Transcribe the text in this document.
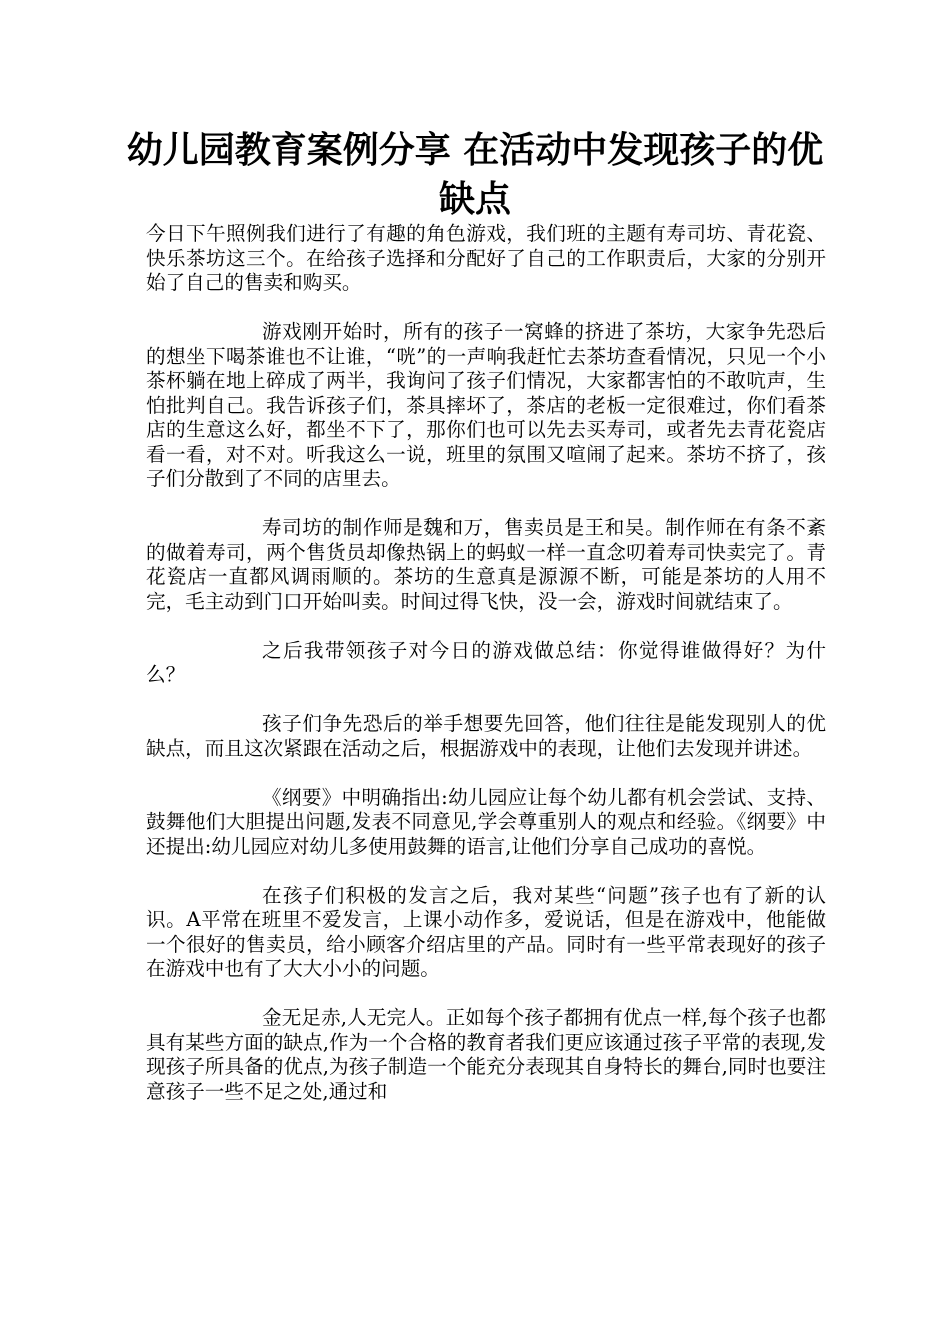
幼儿园教育案例分享 在活动中发现孩子的优缺点

今日下午照例我们进行了有趣的角色游戏，我们班的主题有寿司坊、青花瓷、快乐茶坊这三个。在给孩子选择和分配好了自己的工作职责后，大家的分别开始了自己的售卖和购买。

游戏刚开始时，所有的孩子一窝蜂的挤进了茶坊，大家争先恐后的想坐下喝茶谁也不让谁，“咣”的一声响我赶忙去茶坊查看情况，只见一个小茶杯躺在地上碎成了两半，我询问了孩子们情况，大家都害怕的不敢吭声，生怕批判自己。我告诉孩子们，茶具摔坏了，茶店的老板一定很难过，你们看茶店的生意这么好，都坐不下了，那你们也可以先去买寿司，或者先去青花瓷店看一看，对不对。听我这么一说，班里的氛围又喧闹了起来。茶坊不挤了，孩子们分散到了不同的店里去。

寿司坊的制作师是魏和万，售卖员是王和吴。制作师在有条不紊的做着寿司，两个售货员却像热锅上的蚂蚁一样一直念叨着寿司快卖完了。青花瓷店一直都风调雨顺的。茶坊的生意真是源源不断，可能是茶坊的人用不完，毛主动到门口开始叫卖。时间过得飞快，没一会，游戏时间就结束了。

之后我带领孩子对今日的游戏做总结：你觉得谁做得好？为什么？

孩子们争先恐后的举手想要先回答，他们往往是能发现别人的优缺点，而且这次紧跟在活动之后，根据游戏中的表现，让他们去发现并讲述。

《纲要》中明确指出:幼儿园应让每个幼儿都有机会尝试、支持、鼓舞他们大胆提出问题,发表不同意见,学会尊重别人的观点和经验。《纲要》中还提出:幼儿园应对幼儿多使用鼓舞的语言,让他们分享自己成功的喜悦。

在孩子们积极的发言之后，我对某些“问题”孩子也有了新的认识。A平常在班里不爱发言，上课小动作多，爱说话，但是在游戏中，他能做一个很好的售卖员，给小顾客介绍店里的产品。同时有一些平常表现好的孩子在游戏中也有了大大小小的问题。

金无足赤,人无完人。正如每个孩子都拥有优点一样,每个孩子也都具有某些方面的缺点,作为一个合格的教育者我们更应该通过孩子平常的表现,发现孩子所具备的优点,为孩子制造一个能充分表现其自身特长的舞台,同时也要注意孩子一些不足之处,通过和
